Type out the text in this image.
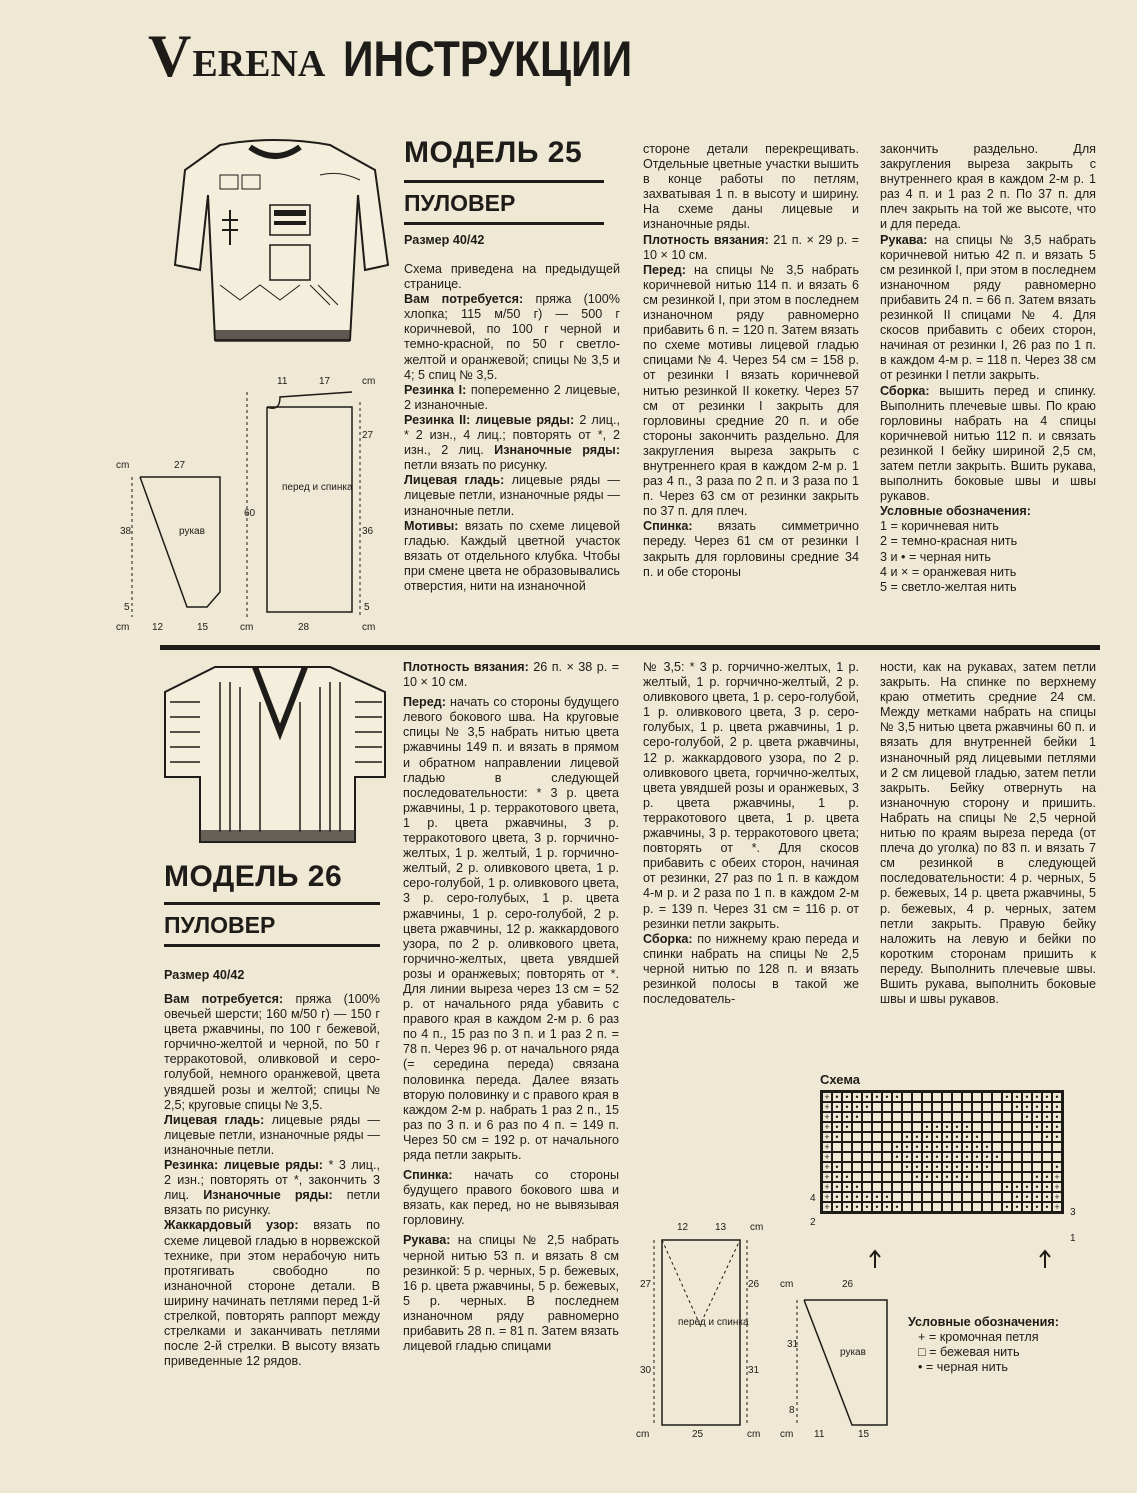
VERENA ИНСТРУКЦИИ
cm
11	17
27
cm	27
60
36
38
5	5
cm 12	15	cm	28	cm
рукав
перед и спинка
МОДЕЛЬ 25
ПУЛОВЕР
Размер 40/42

Схема приведена на предыдущей странице.

Вам потребуется: пряжа (100% хлопка; 115 м/50 г) — 500 г коричневой, по 100 г черной и темно-красной, по 50 г светло-желтой и оранжевой; спицы № 3,5 и 4; 5 спиц № 3,5.

Резинка I: попеременно 2 лицевые, 2 изнаночные.

Резинка II: лицевые ряды: 2 лиц., * 2 изн., 4 лиц.; повторять от *, 2 изн., 2 лиц. Изнаночные ряды: петли вязать по рисунку.

Лицевая гладь: лицевые ряды — лицевые петли, изнаночные ряды — изнаночные петли.

Мотивы: вязать по схеме лицевой гладью. Каждый цветной участок вязать от отдельного клубка. Чтобы при смене цвета не образовывались отверстия, нити на изнаночной

стороне детали перекрещивать. Отдельные цветные участки вышить в конце работы по петлям, захватывая 1 п. в высоту и ширину. На схеме даны лицевые и изнаночные ряды.

Плотность вязания: 21 п. × 29 р. = 10 × 10 см.

Перед: на спицы № 3,5 набрать коричневой нитью 114 п. и вязать 6 см резинкой I, при этом в последнем изнаночном ряду равномерно прибавить 6 п. = 120 п. Затем вязать по схеме мотивы лицевой гладью спицами № 4. Через 54 см = 158 р. от резинки I вязать коричневой нитью резинкой II кокетку. Через 57 см от резинки I закрыть для горловины средние 20 п. и обе стороны закончить раздельно. Для закругления выреза закрыть с внутреннего края в каждом 2-м р. 1 раз 4 п., 3 раза по 2 п. и 3 раза по 1 п. Через 63 см от резинки закрыть по 37 п. для плеч.

Спинка: вязать симметрично переду. Через 61 см от резинки I закрыть для горловины средние 34 п. и обе стороны

закончить раздельно. Для закругления выреза закрыть с внутреннего края в каждом 2-м р. 1 раз 4 п. и 1 раз 2 п. По 37 п. для плеч закрыть на той же высоте, что и для переда.

Рукава: на спицы № 3,5 набрать коричневой нитью 42 п. и вязать 5 см резинкой I, при этом в последнем изнаночном ряду равномерно прибавить 24 п. = 66 п. Затем вязать резинкой II спицами № 4. Для скосов прибавить с обеих сторон, начиная от резинки I, 26 раз по 1 п. в каждом 4-м р. = 118 п. Через 38 см от резинки I петли закрыть.

Сборка: вышить перед и спинку. Выполнить плечевые швы. По краю горловины набрать на 4 спицы коричневой нитью 112 п. и связать резинкой I бейку шириной 2,5 см, затем петли закрыть. Вшить рукава, выполнить боковые швы и швы рукавов.

Условные обозначения:

1 = коричневая нить

2 = темно-красная нить

3 и • = черная нить

4 и × = оранжевая нить

5 = светло-желтая нить

МОДЕЛЬ 26
ПУЛОВЕР
Размер 40/42

Вам потребуется: пряжа (100% овечьей шерсти; 160 м/50 г) — 150 г цвета ржавчины, по 100 г бежевой, горчично-желтой и черной, по 50 г терракотовой, оливковой и серо-голубой, немного оранжевой, цвета увядшей розы и желтой; спицы № 2,5; круговые спицы № 3,5.

Лицевая гладь: лицевые ряды — лицевые петли, изнаночные ряды — изнаночные петли.

Резинка: лицевые ряды: * 3 лиц., 2 изн.; повторять от *, закончить 3 лиц. Изнаночные ряды: петли вязать по рисунку.

Жаккардовый узор: вязать по схеме лицевой гладью в норвежской технике, при этом нерабочую нить протягивать свободно по изнаночной стороне детали. В ширину начинать петлями перед 1-й стрелкой, повторять раппорт между стрелками и заканчивать петлями после 2-й стрелки. В высоту вязать приведенные 12 рядов.

Плотность вязания: 26 п. × 38 р. = 10 × 10 см.

Перед: начать со стороны будущего левого бокового шва. На круговые спицы № 3,5 набрать нитью цвета ржавчины 149 п. и вязать в прямом и обратном направлении лицевой гладью в следующей последовательности: * 3 р. цвета ржавчины, 1 р. терракотового цвета, 1 р. цвета ржавчины, 3 р. терракотового цвета, 3 р. горчично-желтых, 1 р. желтый, 1 р. горчично-желтый, 2 р. оливкового цвета, 1 р. серо-голубой, 1 р. оливкового цвета, 3 р. серо-голубых, 1 р. цвета ржавчины, 1 р. серо-голубой, 2 р. цвета ржавчины, 12 р. жаккардового узора, по 2 р. оливкового цвета, горчично-желтых, цвета увядшей розы и оранжевых; повторять от *. Для линии выреза через 13 см = 52 р. от начального ряда убавить с правого края в каждом 2-м р. 6 раз по 4 п., 15 раз по 3 п. и 1 раз 2 п. = 78 п. Через 96 р. от начального ряда (= середина переда) связана половинка переда. Далее вязать вторую половинку и с правого края в каждом 2-м р. набрать 1 раз 2 п., 15 раз по 3 п. и 6 раз по 4 п. = 149 п. Через 50 см = 192 р. от начального ряда петли закрыть.

Спинка: начать со стороны будущего правого бокового шва и вязать, как перед, но не вывязывая горловину.

Рукава: на спицы № 2,5 набрать черной нитью 53 п. и вязать 8 см резинкой: 5 р. черных, 5 р. бежевых, 16 р. цвета ржавчины, 5 р. бежевых, 5 р. черных. В последнем изнаночном ряду равномерно прибавить 28 п. = 81 п. Затем вязать лицевой гладью спицами

№ 3,5: * 3 р. горчично-желтых, 1 р. желтый, 1 р. горчично-желтый, 2 р. оливкового цвета, 1 р. серо-голубой, 1 р. оливкового цвета, 3 р. серо-голубых, 1 р. цвета ржавчины, 1 р. серо-голубой, 2 р. цвета ржавчины, 12 р. жаккардового узора, по 2 р. оливкового цвета, горчично-желтых, цвета увядшей розы и оранжевых, 3 р. цвета ржавчины, 1 р. терракотового цвета, 1 р. цвета ржавчины, 3 р. терракотового цвета; повторять от *. Для скосов прибавить с обеих сторон, начиная от резинки, 27 раз по 1 п. в каждом 4-м р. и 2 раза по 1 п. в каждом 2-м р. = 139 п. Через 31 см = 116 р. от резинки петли закрыть.

Сборка: по нижнему краю переда и спинки набрать на спицы № 2,5 черной нитью по 128 п. и вязать резинкой полосы в такой же последователь-

ности, как на рукавах, затем петли закрыть. На спинке по верхнему краю отметить средние 24 см. Между метками набрать на спицы № 3,5 нитью цвета ржавчины 60 п. и вязать для внутренней бейки 1 изнаночный ряд лицевыми петлями и 2 см лицевой гладью, затем петли закрыть. Бейку отвернуть на изнаночную сторону и пришить. Набрать на спицы № 2,5 черной нитью по краям выреза переда (от плеча до уголка) по 83 п. и вязать 7 см резинкой в следующей последовательности: 4 р. черных, 5 р. бежевых, 14 р. цвета ржавчины, 5 р. бежевых, 4 р. черных, затем петли закрыть. Правую бейку наложить на левую и бейки по коротким сторонам пришить к переду. Выполнить плечевые швы. Вшить рукава, выполнить боковые швы и швы рукавов.

Схема
+ • • • • • • •	• • • • • •
+ • • • •	• • • • •
+ • • •	• • • •
+ • •	• • • • •	• • •
+ •	• • • • • • • •	• •
+	• • • • • • • • • •
+	• • • • • • • • • • •
+ •	• • • • • • • • •	•
+ • •	• • • • • •	• • +
+ • • •	• • • • • +
+ • • • • • •	• • • • +
+ • • • • • • •	• • • • • +
4
2
3
1
Условные обозначения:
+ = кромочная петля
□ = бежевая нить
• = черная нить
12	13 cm
27	26 cm	26
перед и спинка
рукав
31
30	31
8
cm	25	cm cm 11	15
